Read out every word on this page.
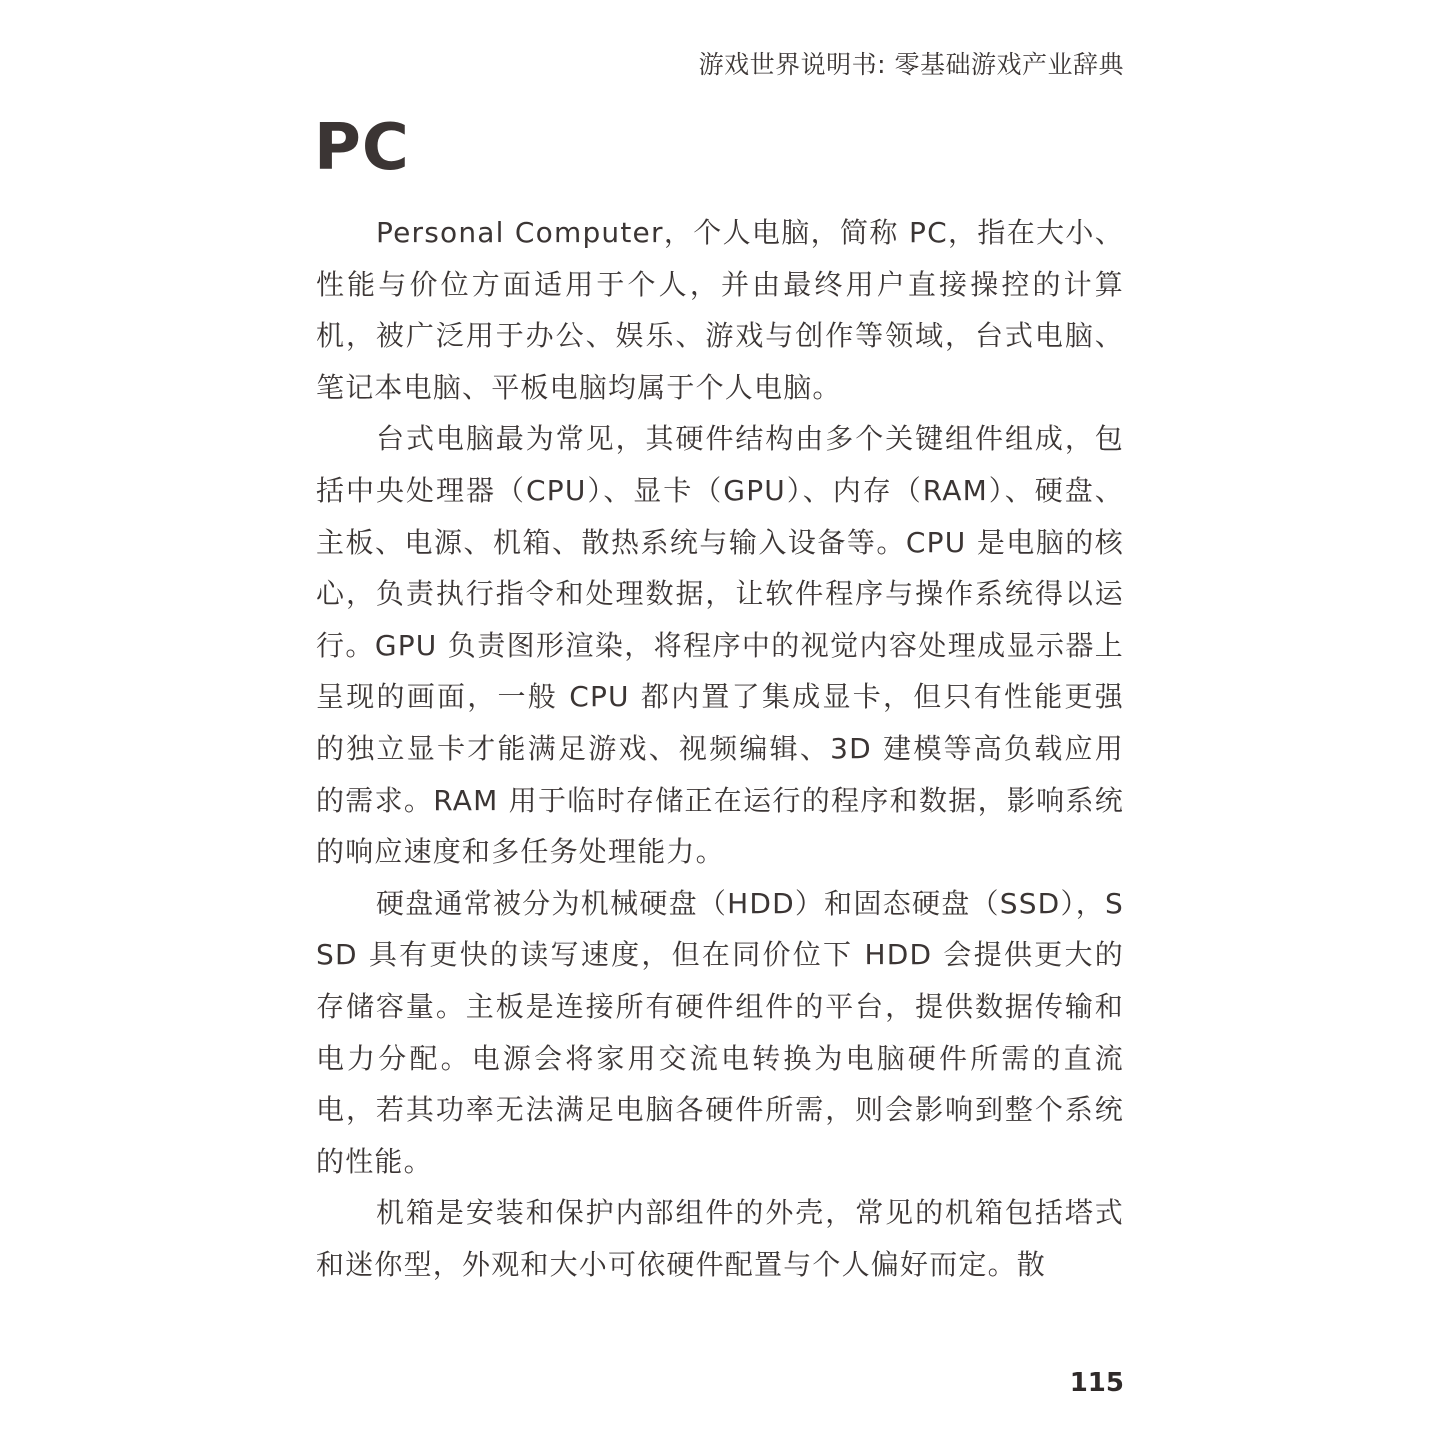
游戏世界说明书: 零基础游戏产业辞典
PC

Personal Computer，个人电脑，简称 PC，指在大小、性能与价位方面适用于个人，并由最终用户直接操控的计算机，被广泛用于办公、娱乐、游戏与创作等领域，台式电脑、笔记本电脑、平板电脑均属于个人电脑。

台式电脑最为常见，其硬件结构由多个关键组件组成，包括中央处理器（CPU）、显卡（GPU）、内存（RAM）、硬盘、主板、电源、机箱、散热系统与输入设备等。CPU 是电脑的核心，负责执行指令和处理数据，让软件程序与操作系统得以运行。GPU 负责图形渲染，将程序中的视觉内容处理成显示器上呈现的画面，一般 CPU 都内置了集成显卡，但只有性能更强的独立显卡才能满足游戏、视频编辑、3D 建模等高负载应用的需求。RAM 用于临时存储正在运行的程序和数据，影响系统的响应速度和多任务处理能力。

硬盘通常被分为机械硬盘（HDD）和固态硬盘（SSD），SSD 具有更快的读写速度，但在同价位下 HDD 会提供更大的存储容量。主板是连接所有硬件组件的平台，提供数据传输和电力分配。电源会将家用交流电转换为电脑硬件所需的直流电，若其功率无法满足电脑各硬件所需，则会影响到整个系统的性能。

机箱是安装和保护内部组件的外壳，常见的机箱包括塔式和迷你型，外观和大小可依硬件配置与个人偏好而定。散

115
